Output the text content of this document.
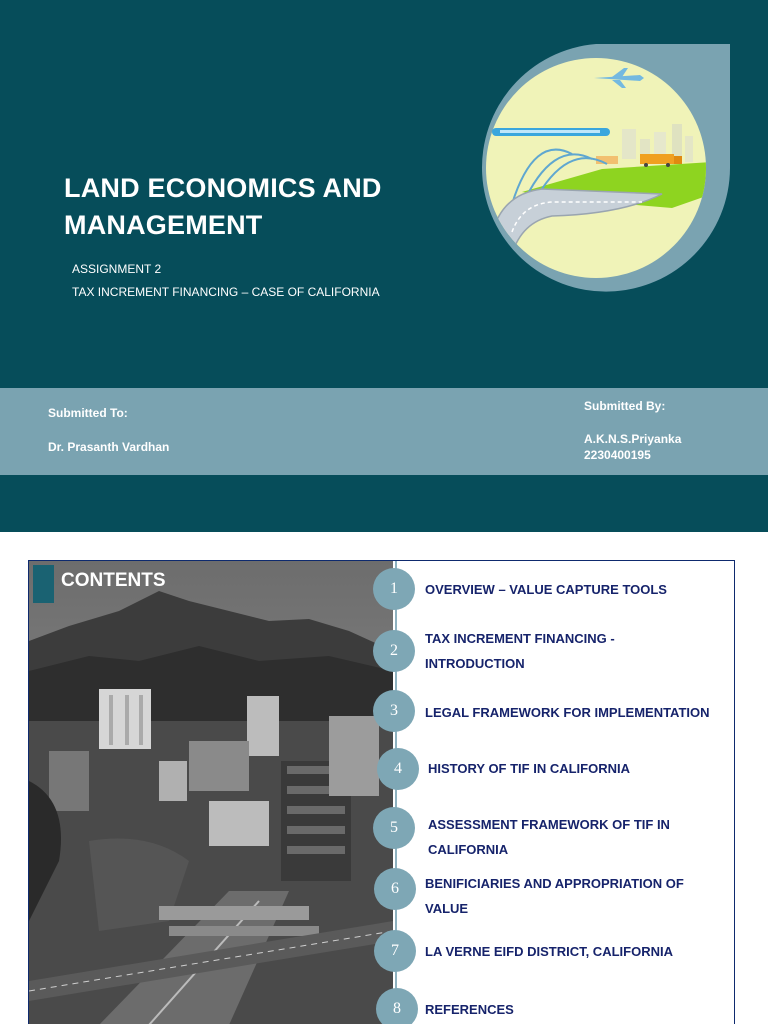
LAND ECONOMICS AND
MANAGEMENT
ASSIGNMENT 2
TAX INCREMENT FINANCING – CASE OF CALIFORNIA
Submitted To:
Dr. Prasanth Vardhan
Submitted By:
A.K.N.S.Priyanka
2230400195
CONTENTS	1	OVERVIEW – VALUE CAPTURE TOOLS
2
TAX INCREMENT FINANCING -
INTRODUCTION
3	LEGAL FRAMEWORK FOR IMPLEMENTATION
4	HISTORY OF TIF IN CALIFORNIA
5	ASSESSMENT FRAMEWORK OF TIF IN
CALIFORNIA
6	BENIFICIARIES AND APPROPRIATION OF
VALUE
7	LA VERNE EIFD DISTRICT, CALIFORNIA
8	REFERENCES
